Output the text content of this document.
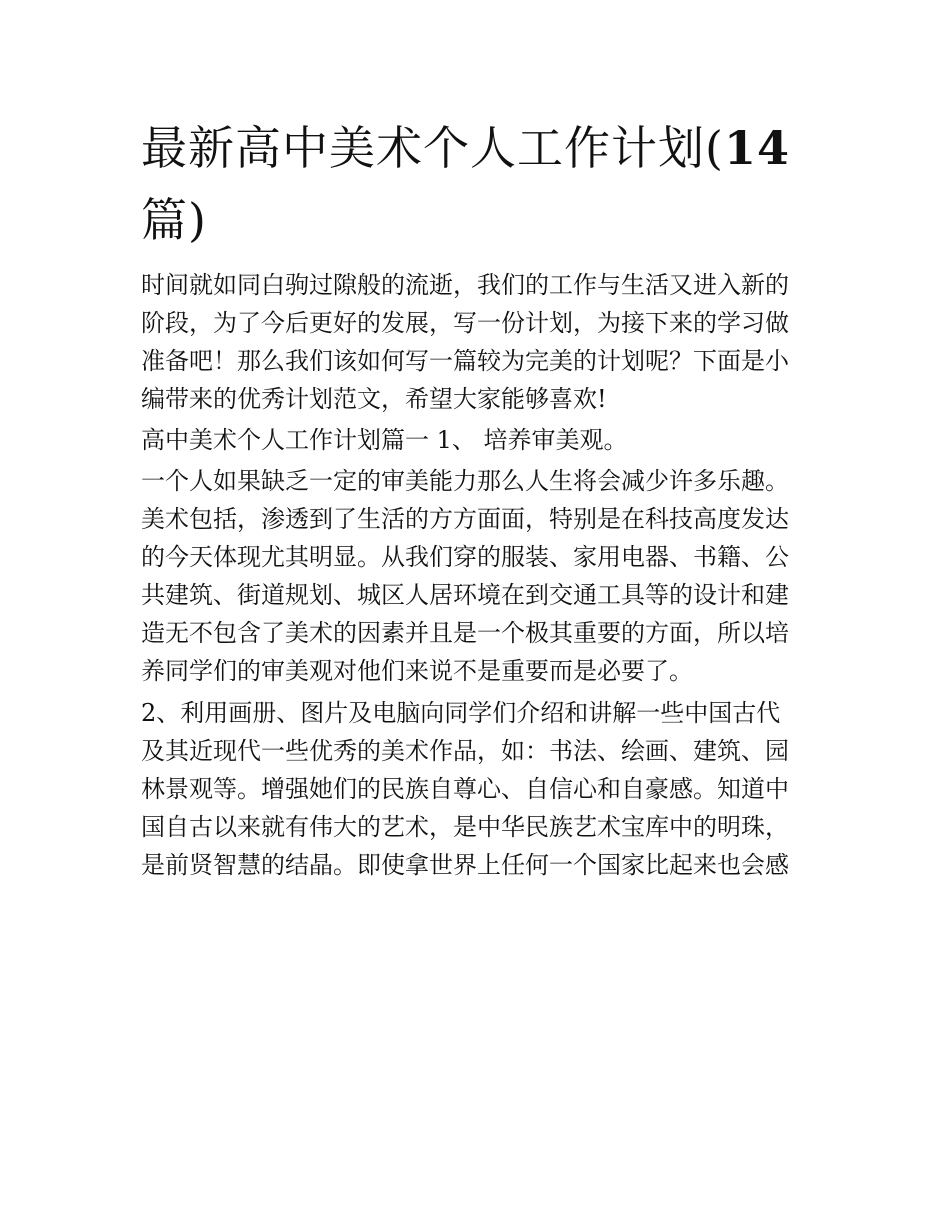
最新高中美术个人工作计划(14
篇)

时间就如同白驹过隙般的流逝，我们的工作与生活又进入新的
阶段，为了今后更好的发展，写一份计划，为接下来的学习做
准备吧！那么我们该如何写一篇较为完美的计划呢？下面是小
编带来的优秀计划范文，希望大家能够喜欢!

高中美术个人工作计划篇一 1、 培养审美观。

一个人如果缺乏一定的审美能力那么人生将会减少许多乐趣。
美术包括，渗透到了生活的方方面面，特别是在科技高度发达
的今天体现尤其明显。从我们穿的服装、家用电器、书籍、公
共建筑、街道规划、城区人居环境在到交通工具等的设计和建
造无不包含了美术的因素并且是一个极其重要的方面，所以培
养同学们的审美观对他们来说不是重要而是必要了。

2、利用画册、图片及电脑向同学们介绍和讲解一些中国古代
及其近现代一些优秀的美术作品，如：书法、绘画、建筑、园
林景观等。增强她们的民族自尊心、自信心和自豪感。知道中
国自古以来就有伟大的艺术，是中华民族艺术宝库中的明珠，
是前贤智慧的结晶。即使拿世界上任何一个国家比起来也会感
